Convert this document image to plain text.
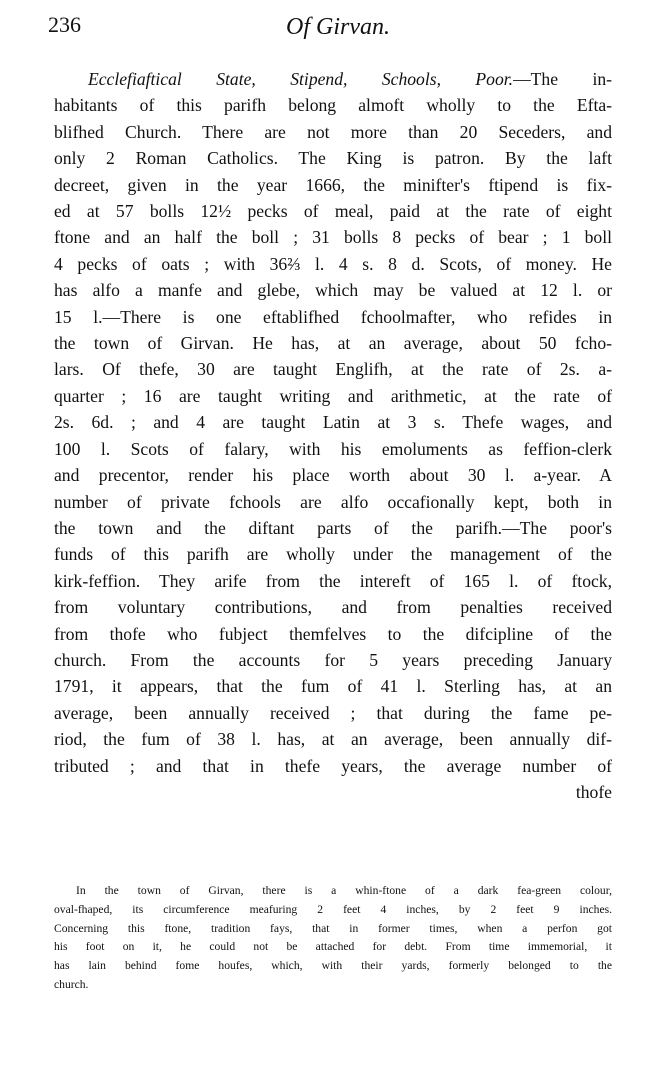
236	Of Girvan.

Ecclefiaftical State, Stipend, Schools, Poor.—The in-
habitants of this parifh belong almoft wholly to the Efta-
blifhed Church. There are not more than 20 Seceders, and
only 2 Roman Catholics. The King is patron. By the laft
decreet, given in the year 1666, the minifter's ftipend is fix-
ed at 57 bolls 12½ pecks of meal, paid at the rate of eight
ftone and an half the boll ; 31 bolls 8 pecks of bear ; 1 boll
4 pecks of oats ; with 36⅔ l. 4 s. 8 d. Scots, of money. He
has alfo a manfe and glebe, which may be valued at 12 l. or
15 l.—There is one eftablifhed fchoolmafter, who refides in
the town of Girvan. He has, at an average, about 50 fcho-
lars. Of thefe, 30 are taught Englifh, at the rate of 2s. a-
quarter ; 16 are taught writing and arithmetic, at the rate of
2s. 6d. ; and 4 are taught Latin at 3 s. Thefe wages, and
100 l. Scots of falary, with his emoluments as feffion-clerk
and precentor, render his place worth about 30 l. a-year. A
number of private fchools are alfo occafionally kept, both in
the town and the diftant parts of the parifh.—The poor's
funds of this parifh are wholly under the management of the
kirk-feffion. They arife from the intereft of 165 l. of ftock,
from voluntary contributions, and from penalties received
from thofe who fubject themfelves to the difcipline of the
church. From the accounts for 5 years preceding January
1791, it appears, that the fum of 41 l. Sterling has, at an
average, been annually received ; that during the fame pe-
riod, the fum of 38 l. has, at an average, been annually dif-
tributed ; and that in thefe years, the average number of
thofe

In the town of Girvan, there is a whin-ftone of a dark fea-green colour,
oval-fhaped, its circumference meafuring 2 feet 4 inches, by 2 feet 9 inches.
Concerning this ftone, tradition fays, that in former times, when a perfon got
his foot on it, he could not be attached for debt. From time immemorial, it
has lain behind fome houfes, which, with their yards, formerly belonged to the
church.
